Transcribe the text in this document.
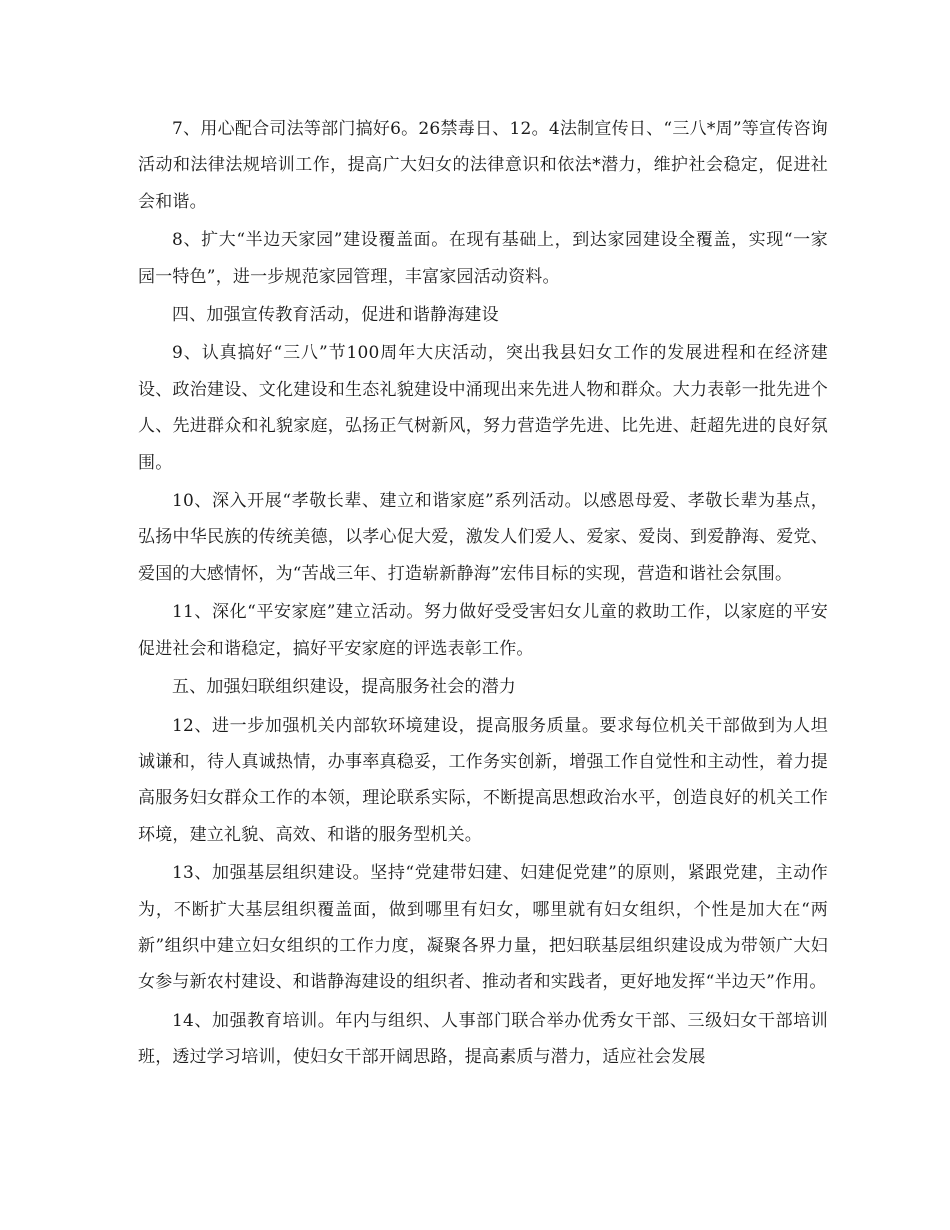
7、用心配合司法等部门搞好6。26禁毒日、12。4法制宣传日、“三八*周”等宣传咨询活动和法律法规培训工作，提高广大妇女的法律意识和依法*潜力，维护社会稳定，促进社会和谐。

8、扩大“半边天家园”建设覆盖面。在现有基础上，到达家园建设全覆盖，实现“一家园一特色”，进一步规范家园管理，丰富家园活动资料。

四、加强宣传教育活动，促进和谐静海建设

9、认真搞好“三八”节100周年大庆活动，突出我县妇女工作的发展进程和在经济建设、政治建设、文化建设和生态礼貌建设中涌现出来先进人物和群众。大力表彰一批先进个人、先进群众和礼貌家庭，弘扬正气树新风，努力营造学先进、比先进、赶超先进的良好氛围。

10、深入开展“孝敬长辈、建立和谐家庭”系列活动。以感恩母爱、孝敬长辈为基点，弘扬中华民族的传统美德，以孝心促大爱，激发人们爱人、爱家、爱岗、到爱静海、爱党、爱国的大感情怀，为“苦战三年、打造崭新静海”宏伟目标的实现，营造和谐社会氛围。

11、深化“平安家庭”建立活动。努力做好受受害妇女儿童的救助工作，以家庭的平安促进社会和谐稳定，搞好平安家庭的评选表彰工作。

五、加强妇联组织建设，提高服务社会的潜力

12、进一步加强机关内部软环境建设，提高服务质量。要求每位机关干部做到为人坦诚谦和，待人真诚热情，办事率真稳妥，工作务实创新，增强工作自觉性和主动性，着力提高服务妇女群众工作的本领，理论联系实际，不断提高思想政治水平，创造良好的机关工作环境，建立礼貌、高效、和谐的服务型机关。

13、加强基层组织建设。坚持“党建带妇建、妇建促党建”的原则，紧跟党建，主动作为，不断扩大基层组织覆盖面，做到哪里有妇女，哪里就有妇女组织，个性是加大在“两新”组织中建立妇女组织的工作力度，凝聚各界力量，把妇联基层组织建设成为带领广大妇女参与新农村建设、和谐静海建设的组织者、推动者和实践者，更好地发挥“半边天”作用。

14、加强教育培训。年内与组织、人事部门联合举办优秀女干部、三级妇女干部培训班，透过学习培训，使妇女干部开阔思路，提高素质与潜力，适应社会发展
